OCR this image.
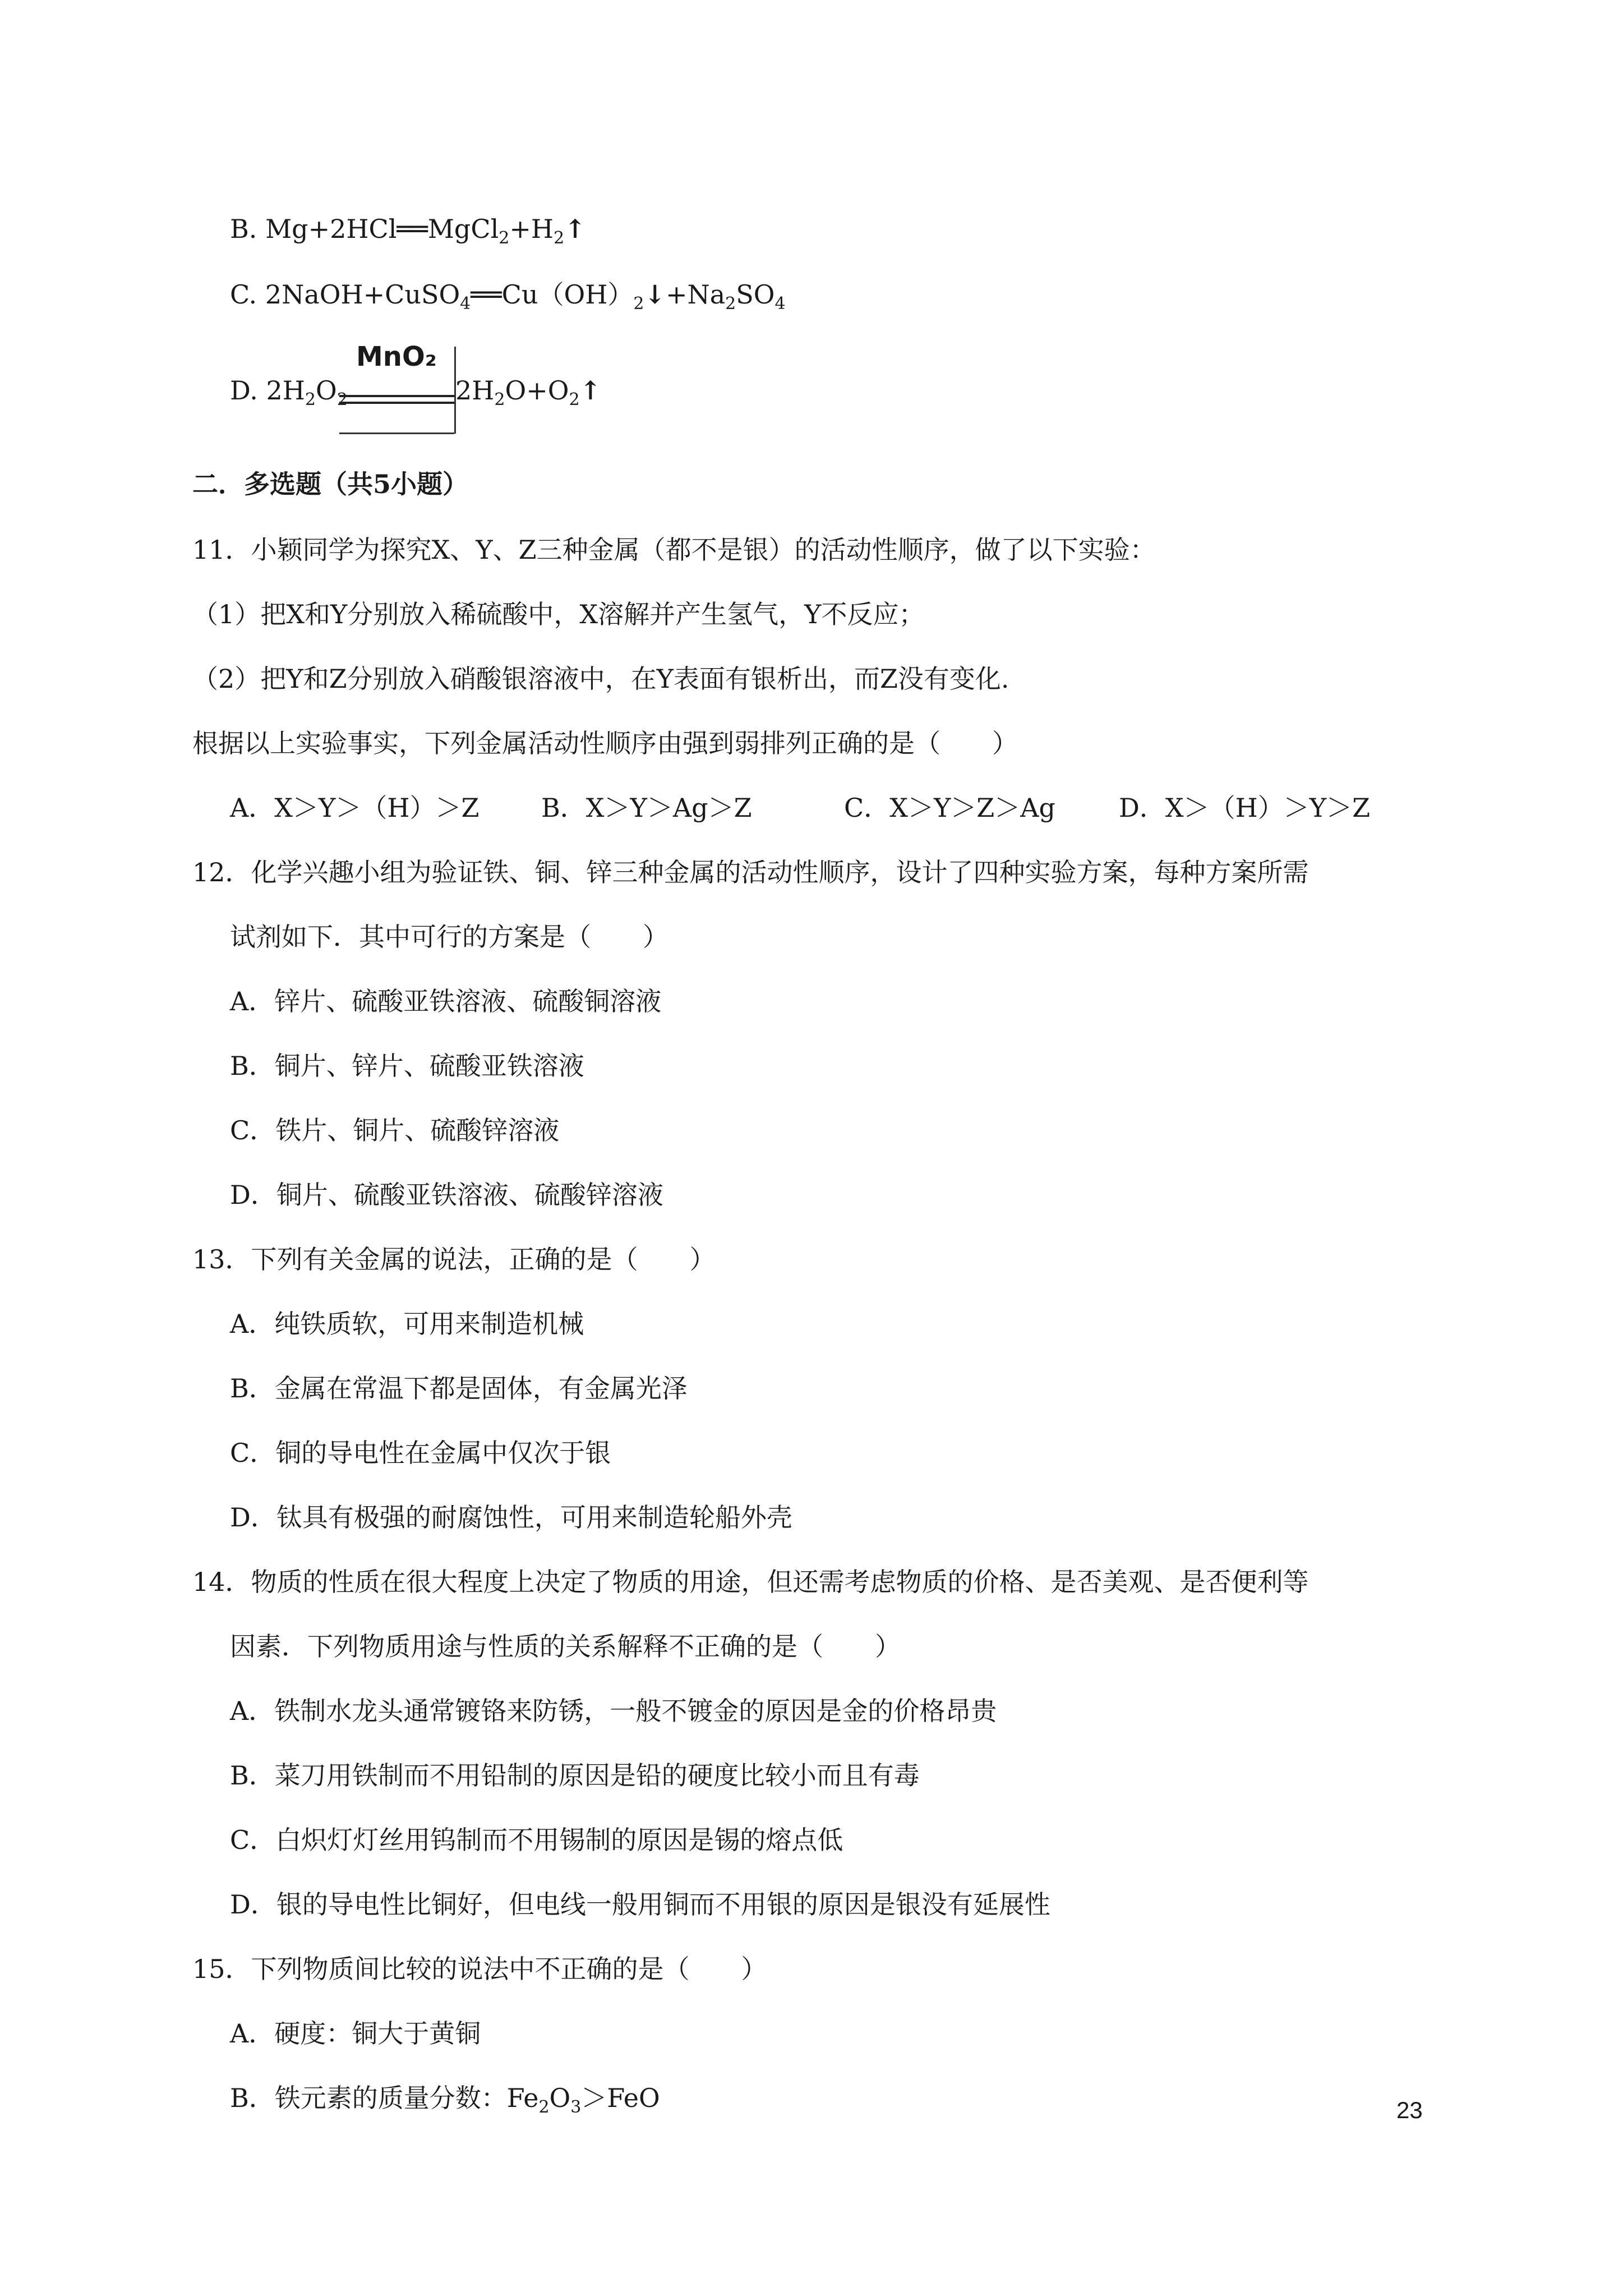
B. $Mg+2HCl══MgCl_2+H_2↑$
C. $2NaOH+CuSO_4══Cu(OH)_2↓+Na_2SO_4$
D. $2H_2O_2$
MnO₂
$2H_2O+O_2↑$
二．多选题（共5小题）
11．小颖同学为探究X、Y、Z三种金属（都不是银）的活动性顺序，做了以下实验：
（1）把X和Y分别放入稀硫酸中，X溶解并产生氢气，Y不反应；
（2）把Y和Z分别放入硝酸银溶液中，在Y表面有银析出，而Z没有变化.
根据以上实验事实，下列金属活动性顺序由强到弱排列正确的是（　　）
A．X＞Y＞（H）＞Z B．X＞Y＞Ag＞Z	C．X＞Y＞Z＞Ag D．X＞（H）＞Y＞Z
12．化学兴趣小组为验证铁、铜、锌三种金属的活动性顺序，设计了四种实验方案，每种方案所需
试剂如下．其中可行的方案是（　　）
A．锌片、硫酸亚铁溶液、硫酸铜溶液
B．铜片、锌片、硫酸亚铁溶液
C．铁片、铜片、硫酸锌溶液
D．铜片、硫酸亚铁溶液、硫酸锌溶液
13．下列有关金属的说法，正确的是（　　）
A．纯铁质软，可用来制造机械
B．金属在常温下都是固体，有金属光泽
C．铜的导电性在金属中仅次于银
D．钛具有极强的耐腐蚀性，可用来制造轮船外壳
14．物质的性质在很大程度上决定了物质的用途，但还需考虑物质的价格、是否美观、是否便利等
因素．下列物质用途与性质的关系解释不正确的是（　　）
A．铁制水龙头通常镀铬来防锈，一般不镀金的原因是金的价格昂贵
B．菜刀用铁制而不用铅制的原因是铅的硬度比较小而且有毒
C．白炽灯灯丝用钨制而不用锡制的原因是锡的熔点低
D．银的导电性比铜好，但电线一般用铜而不用银的原因是银没有延展性
15．下列物质间比较的说法中不正确的是（　　）
A．硬度：铜大于黄铜
B．铁元素的质量分数：$Fe_2O_3>FeO$	23
